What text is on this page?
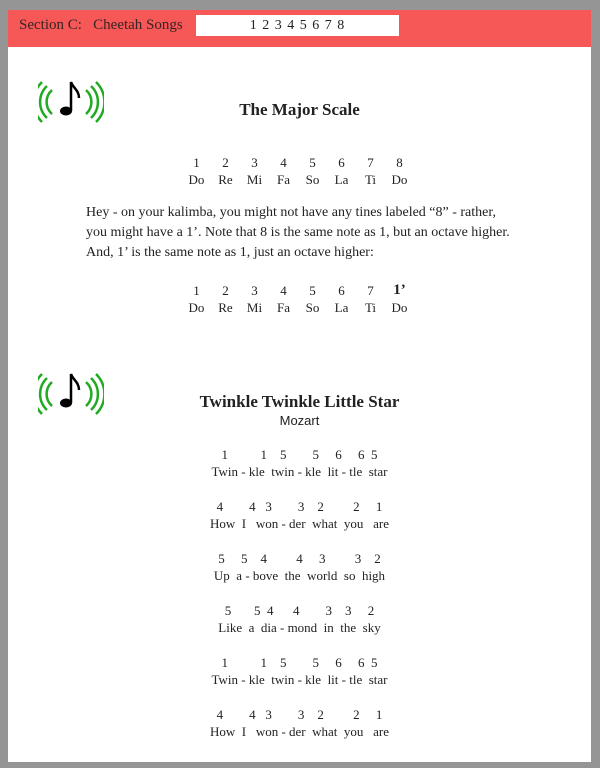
Section C:   Cheetah Songs	1 2 3 4 5 6 7 8
The Major Scale
1	2	3	4	5	6	7	8
Do	Re	Mi	Fa	So	La	Ti	Do
Hey - on your kalimba, you might not have any tines labeled “8” - rather, you might have a 1’. Note that 8 is the same note as 1, but an octave higher. And, 1’ is the same note as 1, just an octave higher:
1	2	3	4	5	6	7	1’
Do	Re	Mi	Fa	So	La	Ti	Do
Twinkle Twinkle Little Star
Mozart
1          1    5        5     6     6  5
Twin - kle  twin - kle  lit - tle  star
4        4   3        3    2         2     1
How  I   won - der  what  you   are
5     5    4         4     3         3    2
Up  a - bove  the  world  so  high
5       5  4      4        3    3     2
Like  a  dia - mond  in  the  sky
1          1    5        5     6     6  5
Twin - kle  twin - kle  lit - tle  star
4        4   3        3    2         2     1
How  I   won - der  what  you   are
